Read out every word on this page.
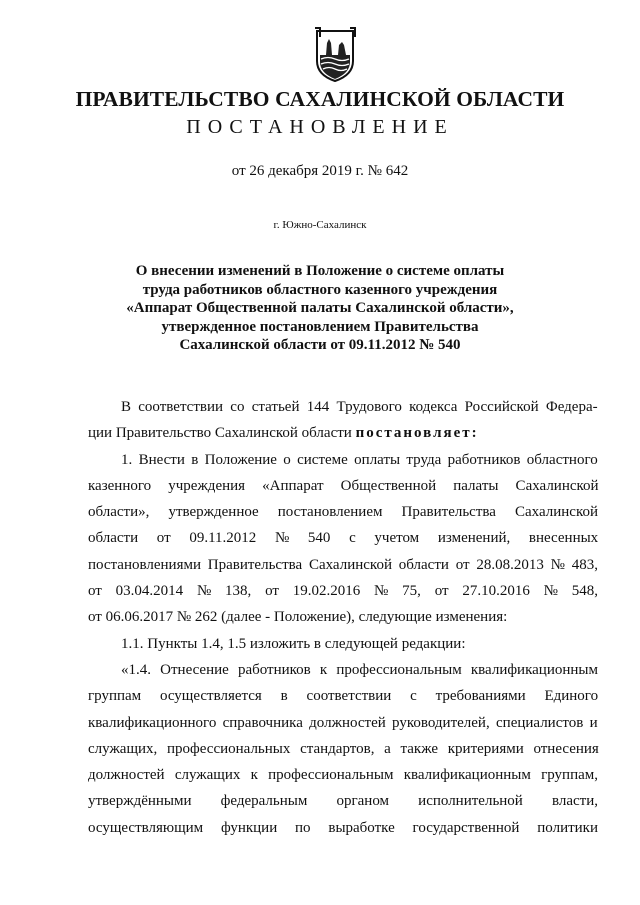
ПРАВИТЕЛЬСТВО САХАЛИНСКОЙ ОБЛАСТИ
ПОСТАНОВЛЕНИЕ
от 26 декабря 2019 г. № 642
г. Южно-Сахалинск
О внесении изменений в Положение о системе оплаты
труда работников областного казенного учреждения
«Аппарат Общественной палаты Сахалинской области»,
утвержденное постановлением Правительства
Сахалинской области от 09.11.2012 № 540
В соответствии со статьей 144 Трудового кодекса Российской Федера-
ции Правительство Сахалинской области постановляет:
1. Внести в Положение о системе оплаты труда работников областного
казенного учреждения «Аппарат Общественной палаты Сахалинской
области», утвержденное постановлением Правительства Сахалинской
области от 09.11.2012 № 540 с учетом изменений, внесенных
постановлениями Правительства Сахалинской области от 28.08.2013 № 483,
от 03.04.2014 № 138, от 19.02.2016 № 75, от 27.10.2016 № 548,
от 06.06.2017 № 262 (далее - Положение), следующие изменения:
1.1. Пункты 1.4, 1.5 изложить в следующей редакции:
«1.4. Отнесение работников к профессиональным квалификационным
группам осуществляется в соответствии с требованиями Единого
квалификационного справочника должностей руководителей, специалистов и
служащих, профессиональных стандартов, а также критериями отнесения
должностей служащих к профессиональным квалификационным группам,
утверждёнными федеральным органом исполнительной власти,
осуществляющим функции по выработке государственной политики
